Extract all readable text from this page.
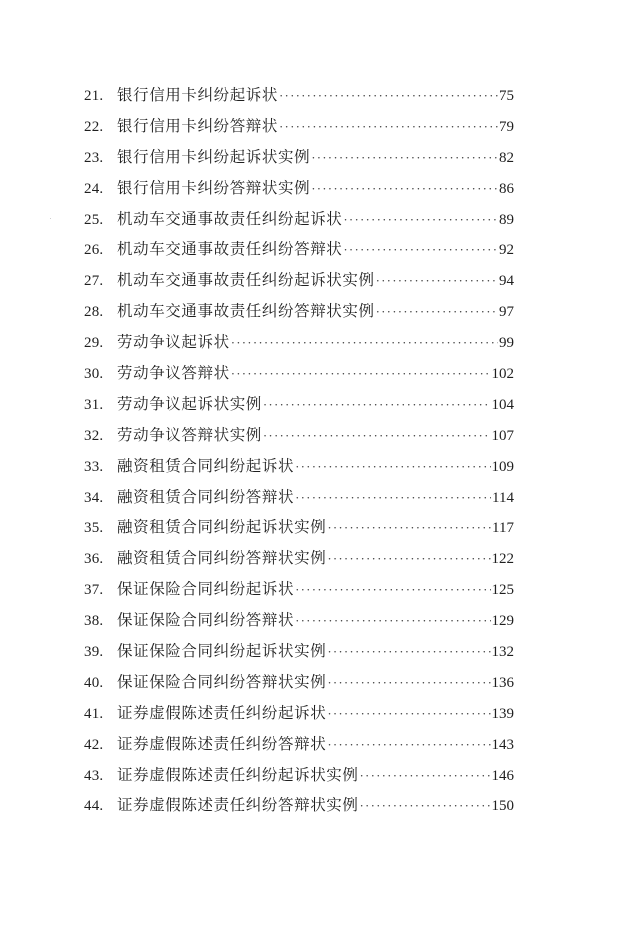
21. 银行信用卡纠纷起诉状 ·····	75
22. 银行信用卡纠纷答辩状 ·····	79
23. 银行信用卡纠纷起诉状实例 ·····	82
24. 银行信用卡纠纷答辩状实例 ·····	86
25. 机动车交通事故责任纠纷起诉状 ·····	89
26. 机动车交通事故责任纠纷答辩状 ·····	92
27. 机动车交通事故责任纠纷起诉状实例 ·····	94
28. 机动车交通事故责任纠纷答辩状实例 ·····	97
29. 劳动争议起诉状 ·····	99
30. 劳动争议答辩状 ·····	102
31. 劳动争议起诉状实例 ·····	104
32. 劳动争议答辩状实例 ·····	107
33. 融资租赁合同纠纷起诉状 ·····	109
34. 融资租赁合同纠纷答辩状 ·····	114
35. 融资租赁合同纠纷起诉状实例 ·····	117
36. 融资租赁合同纠纷答辩状实例 ·····	122
37. 保证保险合同纠纷起诉状 ·····	125
38. 保证保险合同纠纷答辩状 ·····	129
39. 保证保险合同纠纷起诉状实例 ·····	132
40. 保证保险合同纠纷答辩状实例 ·····	136
41. 证券虚假陈述责任纠纷起诉状 ·····	139
42. 证券虚假陈述责任纠纷答辩状 ·····	143
43. 证券虚假陈述责任纠纷起诉状实例 ·····	146
44. 证券虚假陈述责任纠纷答辩状实例 ·····	150
